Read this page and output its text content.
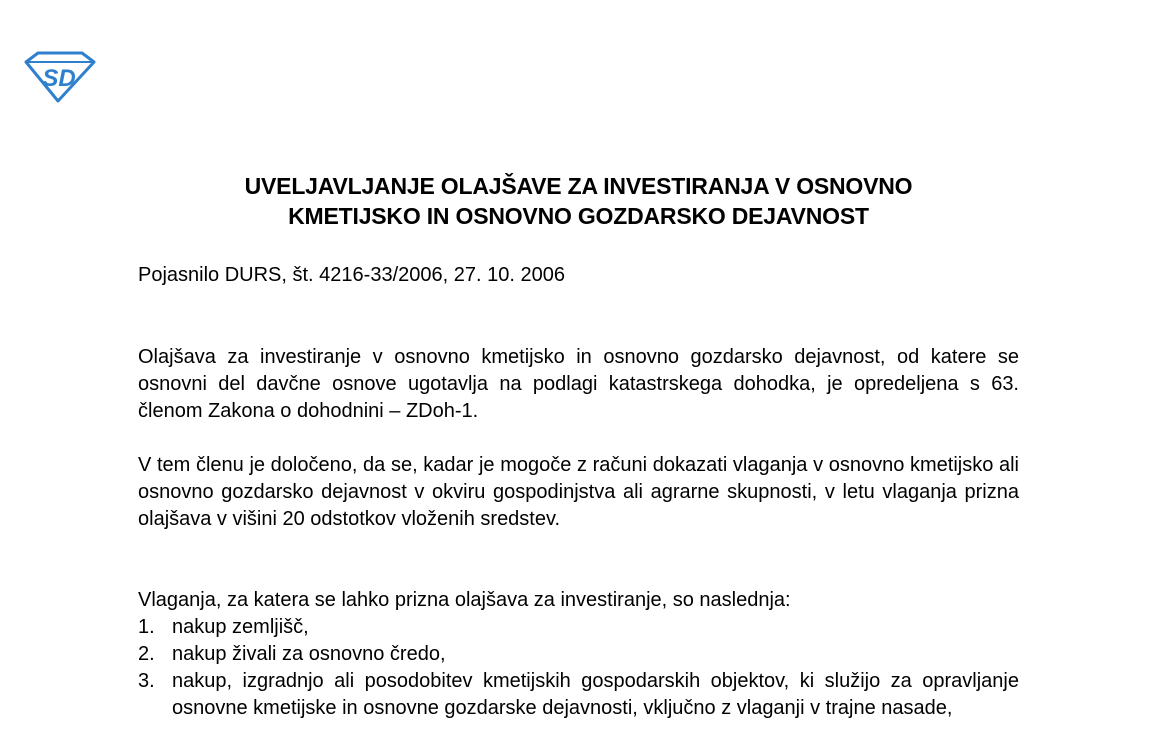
SD
UVELJAVLJANJE OLAJŠAVE ZA INVESTIRANJA V OSNOVNO
KMETIJSKO IN OSNOVNO GOZDARSKO DEJAVNOST
Pojasnilo DURS, št. 4216-33/2006, 27. 10. 2006
Olajšava za investiranje v osnovno kmetijsko in osnovno gozdarsko dejavnost, od katere se osnovni del davčne osnove ugotavlja na podlagi katastrskega dohodka, je opredeljena s 63. členom Zakona o dohodnini – ZDoh-1.
V tem členu je določeno, da se, kadar je mogoče z računi dokazati vlaganja v osnovno kmetijsko ali osnovno gozdarsko dejavnost v okviru gospodinjstva ali agrarne skupnosti, v letu vlaganja prizna olajšava v višini 20 odstotkov vloženih sredstev.
Vlaganja, za katera se lahko prizna olajšava za investiranje, so naslednja:
1. nakup zemljišč,
2. nakup živali za osnovno čredo,
3. nakup, izgradnjo ali posodobitev kmetijskih gospodarskih objektov, ki služijo za opravljanje osnovne kmetijske in osnovne gozdarske dejavnosti, vključno z vlaganji v trajne nasade,
